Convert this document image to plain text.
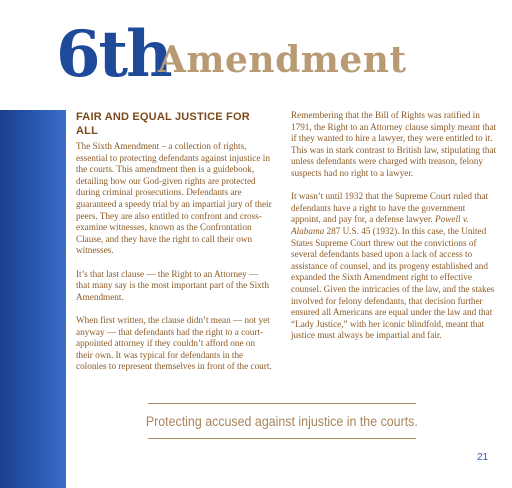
6th
Amendment
FAIR AND EQUAL JUSTICE FOR ALL

The Sixth Amendment – a collection of rights, essential to protecting defendants against injustice in the courts. This amendment then is a guidebook, detailing how our God-given rights are protected during criminal prosecutions. Defendants are guaranteed a speedy trial by an impartial jury of their peers. They are also entitled to confront and cross-examine witnesses, known as the Confrontation Clause, and they have the right to call their own witnesses.

It’s that last clause — the Right to an Attorney — that many say is the most important part of the Sixth Amendment.

When first written, the clause didn’t mean — not yet anyway — that defendants had the right to a court-appointed attorney if they couldn’t afford one on their own. It was typical for defendants in the colonies to represent themselves in front of the court.

Remembering that the Bill of Rights was ratified in 1791, the Right to an Attorney clause simply meant that if they wanted to hire a lawyer, they were entitled to it. This was in stark contrast to British law, stipulating that unless defendants were charged with treason, felony suspects had no right to a lawyer.

It wasn’t until 1932 that the Supreme Court ruled that defendants have a right to have the government appoint, and pay for, a defense lawyer. Powell v. Alabama 287 U.S. 45 (1932). In this case, the United States Supreme Court threw out the convictions of several defendants based upon a lack of access to assistance of counsel, and its progeny established and expanded the Sixth Amendment right to effective counsel. Given the intricacies of the law, and the stakes involved for felony defendants, that decision further ensured all Americans are equal under the law and that “Lady Justice,” with her iconic blindfold, meant that justice must always be impartial and fair.

Protecting accused against injustice in the courts.
21
